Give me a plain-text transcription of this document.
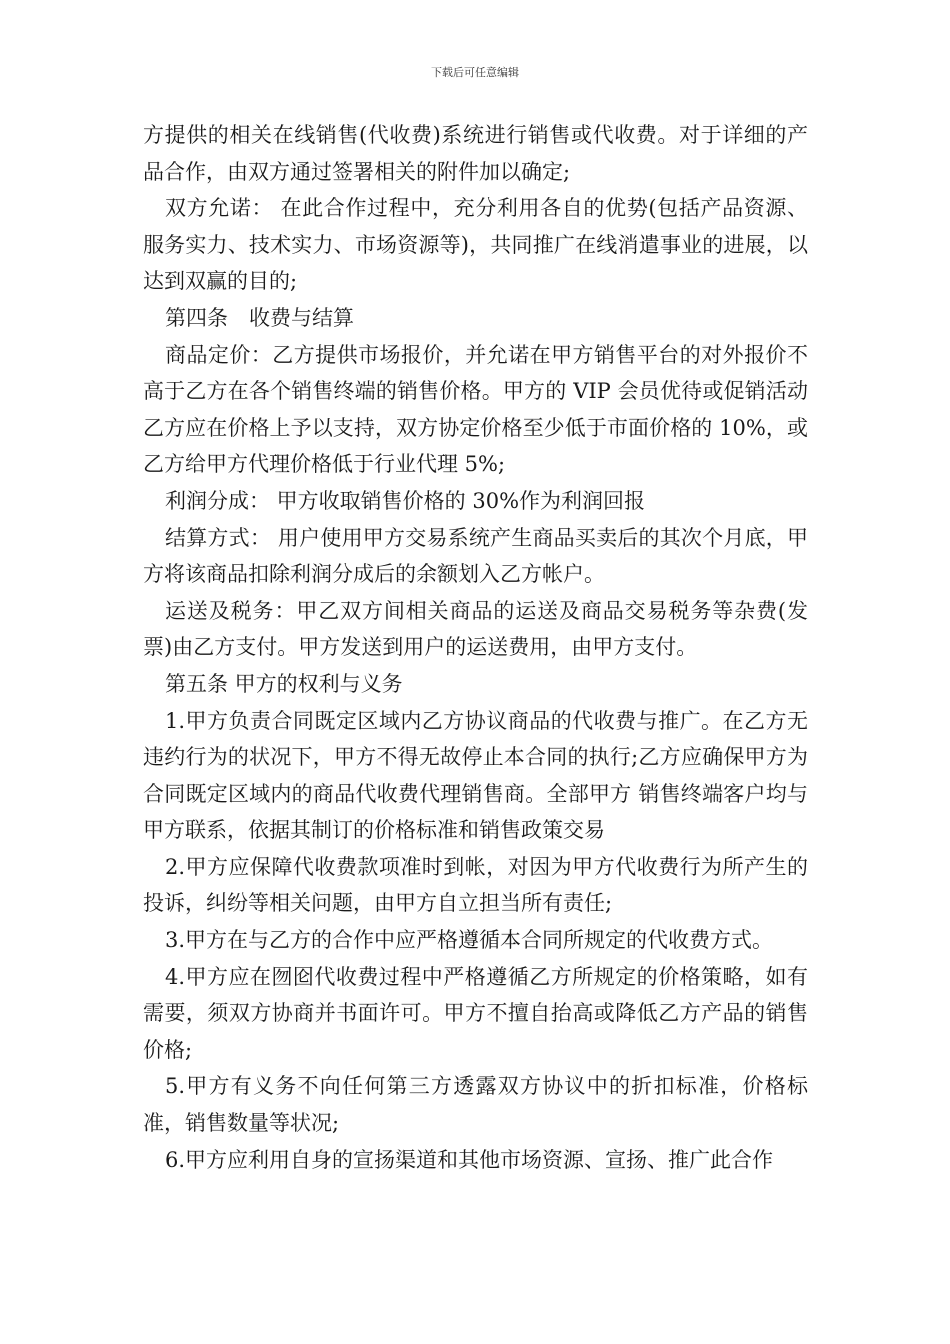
下载后可任意编辑

方提供的相关在线销售(代收费)系统进行销售或代收费。对于详细的产品合作，由双方通过签署相关的附件加以确定;

双方允诺： 在此合作过程中，充分利用各自的优势(包括产品资源、服务实力、技术实力、市场资源等)，共同推广在线消遣事业的进展，以达到双赢的目的;

第四条　收费与结算

商品定价：乙方提供市场报价，并允诺在甲方销售平台的对外报价不高于乙方在各个销售终端的销售价格。甲方的 VIP 会员优待或促销活动乙方应在价格上予以支持，双方协定价格至少低于市面价格的 10%，或乙方给甲方代理价格低于行业代理 5%;

利润分成： 甲方收取销售价格的 30%作为利润回报

结算方式： 用户使用甲方交易系统产生商品买卖后的其次个月底，甲方将该商品扣除利润分成后的余额划入乙方帐户。

运送及税务：甲乙双方间相关商品的运送及商品交易税务等杂费(发票)由乙方支付。甲方发送到用户的运送费用，由甲方支付。

第五条 甲方的权利与义务

1.甲方负责合同既定区域内乙方协议商品的代收费与推广。在乙方无违约行为的状况下，甲方不得无故停止本合同的执行;乙方应确保甲方为合同既定区域内的商品代收费代理销售商。全部甲方 销售终端客户均与甲方联系，依据其制订的价格标准和销售政策交易

2.甲方应保障代收费款项准时到帐，对因为甲方代收费行为所产生的投诉，纠纷等相关问题，由甲方自立担当所有责任;

3.甲方在与乙方的合作中应严格遵循本合同所规定的代收费方式。

4.甲方应在囫囵代收费过程中严格遵循乙方所规定的价格策略，如有需要，须双方协商并书面许可。甲方不擅自抬高或降低乙方产品的销售价格;

5.甲方有义务不向任何第三方透露双方协议中的折扣标准，价格标准，销售数量等状况;

6.甲方应利用自身的宣扬渠道和其他市场资源、宣扬、推广此合作
